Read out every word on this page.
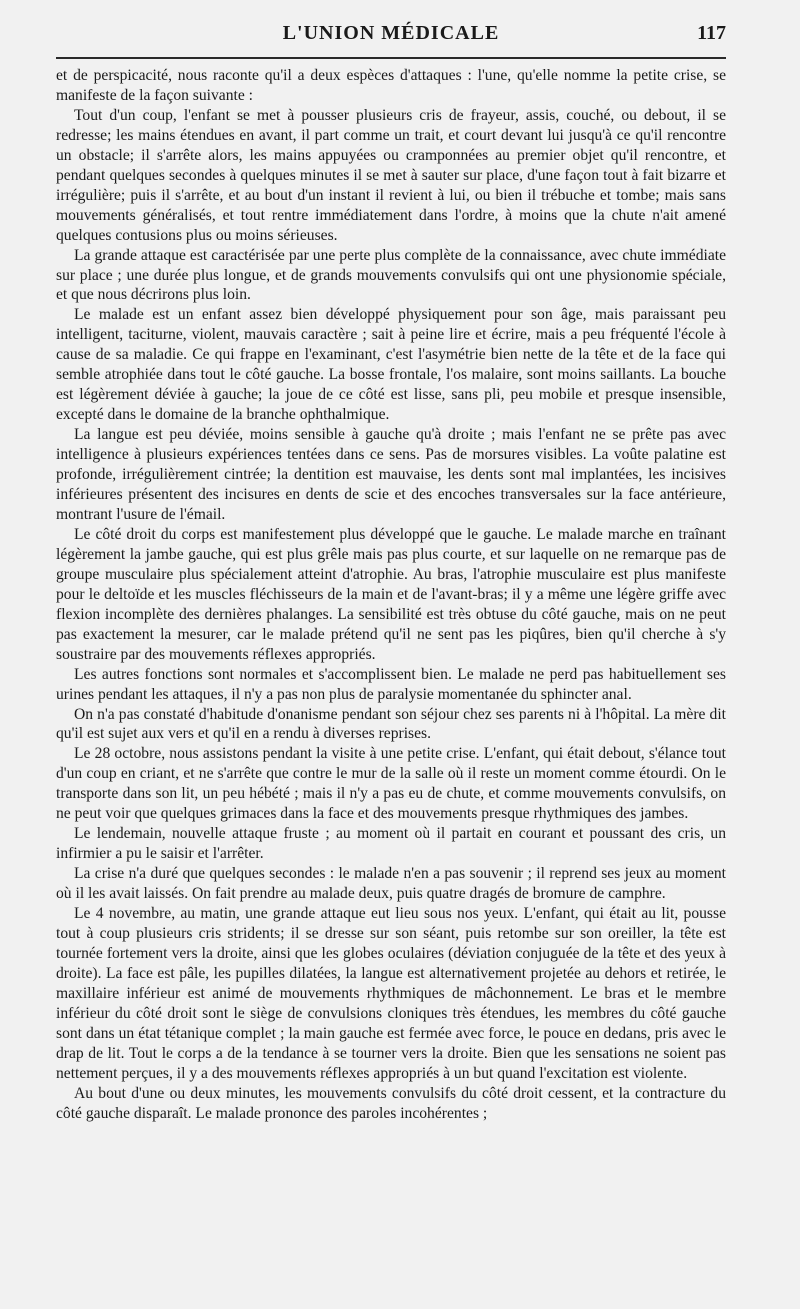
L'UNION MÉDICALE	117

et de perspicacité, nous raconte qu'il a deux espèces d'attaques : l'une, qu'elle nomme la petite crise, se manifeste de la façon suivante :

Tout d'un coup, l'enfant se met à pousser plusieurs cris de frayeur, assis, couché, ou debout, il se redresse; les mains étendues en avant, il part comme un trait, et court devant lui jusqu'à ce qu'il rencontre un obstacle; il s'arrête alors, les mains appuyées ou cramponnées au premier objet qu'il rencontre, et pendant quelques secondes à quelques minutes il se met à sauter sur place, d'une façon tout à fait bizarre et irrégulière; puis il s'arrête, et au bout d'un instant il revient à lui, ou bien il trébuche et tombe; mais sans mouvements généralisés, et tout rentre immédiatement dans l'ordre, à moins que la chute n'ait amené quelques contusions plus ou moins sérieuses.

La grande attaque est caractérisée par une perte plus complète de la connaissance, avec chute immédiate sur place ; une durée plus longue, et de grands mouvements convulsifs qui ont une physionomie spéciale, et que nous décrirons plus loin.

Le malade est un enfant assez bien développé physiquement pour son âge, mais paraissant peu intelligent, taciturne, violent, mauvais caractère ; sait à peine lire et écrire, mais a peu fréquenté l'école à cause de sa maladie. Ce qui frappe en l'examinant, c'est l'asymétrie bien nette de la tête et de la face qui semble atrophiée dans tout le côté gauche. La bosse frontale, l'os malaire, sont moins saillants. La bouche est légèrement déviée à gauche; la joue de ce côté est lisse, sans pli, peu mobile et presque insensible, excepté dans le domaine de la branche ophthalmique.

La langue est peu déviée, moins sensible à gauche qu'à droite ; mais l'enfant ne se prête pas avec intelligence à plusieurs expériences tentées dans ce sens. Pas de morsures visibles. La voûte palatine est profonde, irrégulièrement cintrée; la dentition est mauvaise, les dents sont mal implantées, les incisives inférieures présentent des incisures en dents de scie et des encoches transversales sur la face antérieure, montrant l'usure de l'émail.

Le côté droit du corps est manifestement plus développé que le gauche. Le malade marche en traînant légèrement la jambe gauche, qui est plus grêle mais pas plus courte, et sur laquelle on ne remarque pas de groupe musculaire plus spécialement atteint d'atrophie. Au bras, l'atrophie musculaire est plus manifeste pour le deltoïde et les muscles fléchisseurs de la main et de l'avant-bras; il y a même une légère griffe avec flexion incomplète des dernières phalanges. La sensibilité est très obtuse du côté gauche, mais on ne peut pas exactement la mesurer, car le malade prétend qu'il ne sent pas les piqûres, bien qu'il cherche à s'y soustraire par des mouvements réflexes appropriés.

Les autres fonctions sont normales et s'accomplissent bien. Le malade ne perd pas habituellement ses urines pendant les attaques, il n'y a pas non plus de paralysie momentanée du sphincter anal.

On n'a pas constaté d'habitude d'onanisme pendant son séjour chez ses parents ni à l'hôpital. La mère dit qu'il est sujet aux vers et qu'il en a rendu à diverses reprises.

Le 28 octobre, nous assistons pendant la visite à une petite crise. L'enfant, qui était debout, s'élance tout d'un coup en criant, et ne s'arrête que contre le mur de la salle où il reste un moment comme étourdi. On le transporte dans son lit, un peu hébété ; mais il n'y a pas eu de chute, et comme mouvements convulsifs, on ne peut voir que quelques grimaces dans la face et des mouvements presque rhythmiques des jambes.

Le lendemain, nouvelle attaque fruste ; au moment où il partait en courant et poussant des cris, un infirmier a pu le saisir et l'arrêter.

La crise n'a duré que quelques secondes : le malade n'en a pas souvenir ; il reprend ses jeux au moment où il les avait laissés. On fait prendre au malade deux, puis quatre dragés de bromure de camphre.

Le 4 novembre, au matin, une grande attaque eut lieu sous nos yeux. L'enfant, qui était au lit, pousse tout à coup plusieurs cris stridents; il se dresse sur son séant, puis retombe sur son oreiller, la tête est tournée fortement vers la droite, ainsi que les globes oculaires (déviation conjuguée de la tête et des yeux à droite). La face est pâle, les pupilles dilatées, la langue est alternativement projetée au dehors et retirée, le maxillaire inférieur est animé de mouvements rhythmiques de mâchonnement. Le bras et le membre inférieur du côté droit sont le siège de convulsions cloniques très étendues, les membres du côté gauche sont dans un état tétanique complet ; la main gauche est fermée avec force, le pouce en dedans, pris avec le drap de lit. Tout le corps a de la tendance à se tourner vers la droite. Bien que les sensations ne soient pas nettement perçues, il y a des mouvements réflexes appropriés à un but quand l'excitation est violente.

Au bout d'une ou deux minutes, les mouvements convulsifs du côté droit cessent, et la contracture du côté gauche disparaît. Le malade prononce des paroles incohérentes ;
